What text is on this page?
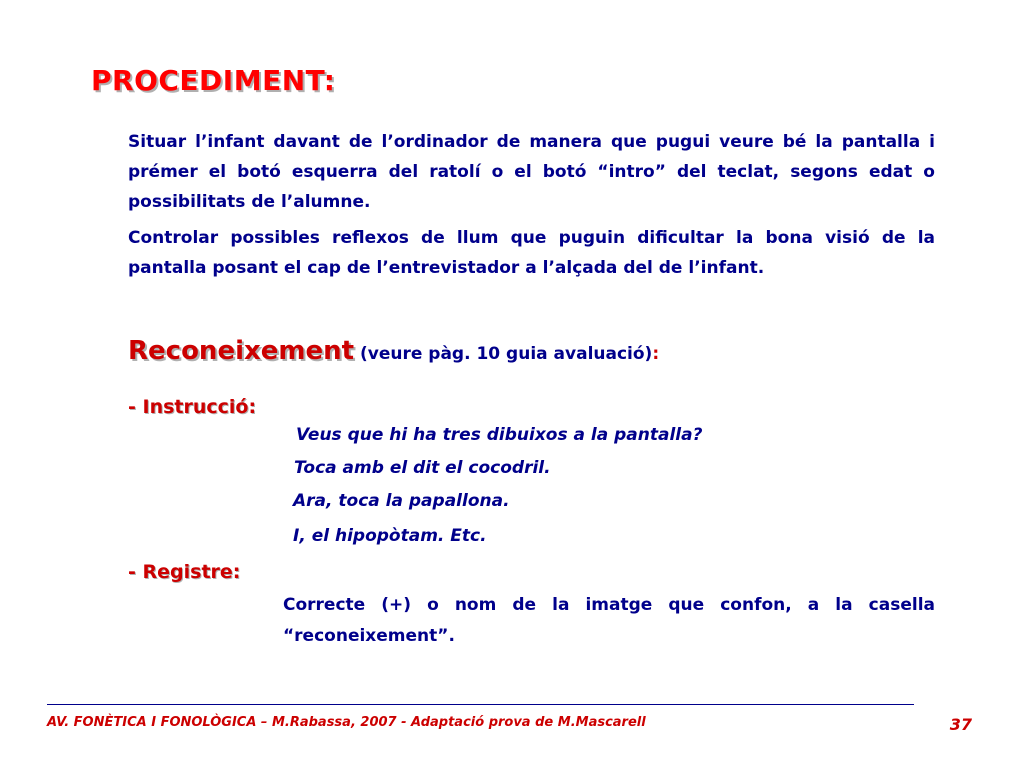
PROCEDIMENT:

Situar l’infant davant de l’ordinador de manera que pugui veure bé la pantalla i prémer el botó esquerra del ratolí o el botó “intro” del teclat, segons edat o possibilitats de l’alumne.

Controlar possibles reflexos de llum que puguin dificultar la bona visió de la pantalla posant el cap de l’entrevistador a l’alçada del de l’infant.

Reconeixement (veure pàg. 10 guia avaluació):
- Instrucció:

Veus que hi ha tres dibuixos a la pantalla?

Toca amb el dit el cocodril.

Ara, toca la papallona.

I, el hipopòtam. Etc.

- Registre:

Correcte (+) o nom de la imatge que confon, a la casella “reconeixement”.

AV. FONÈTICA I FONOLÒGICA – M.Rabassa, 2007 - Adaptació prova de M.Mascarell	37
